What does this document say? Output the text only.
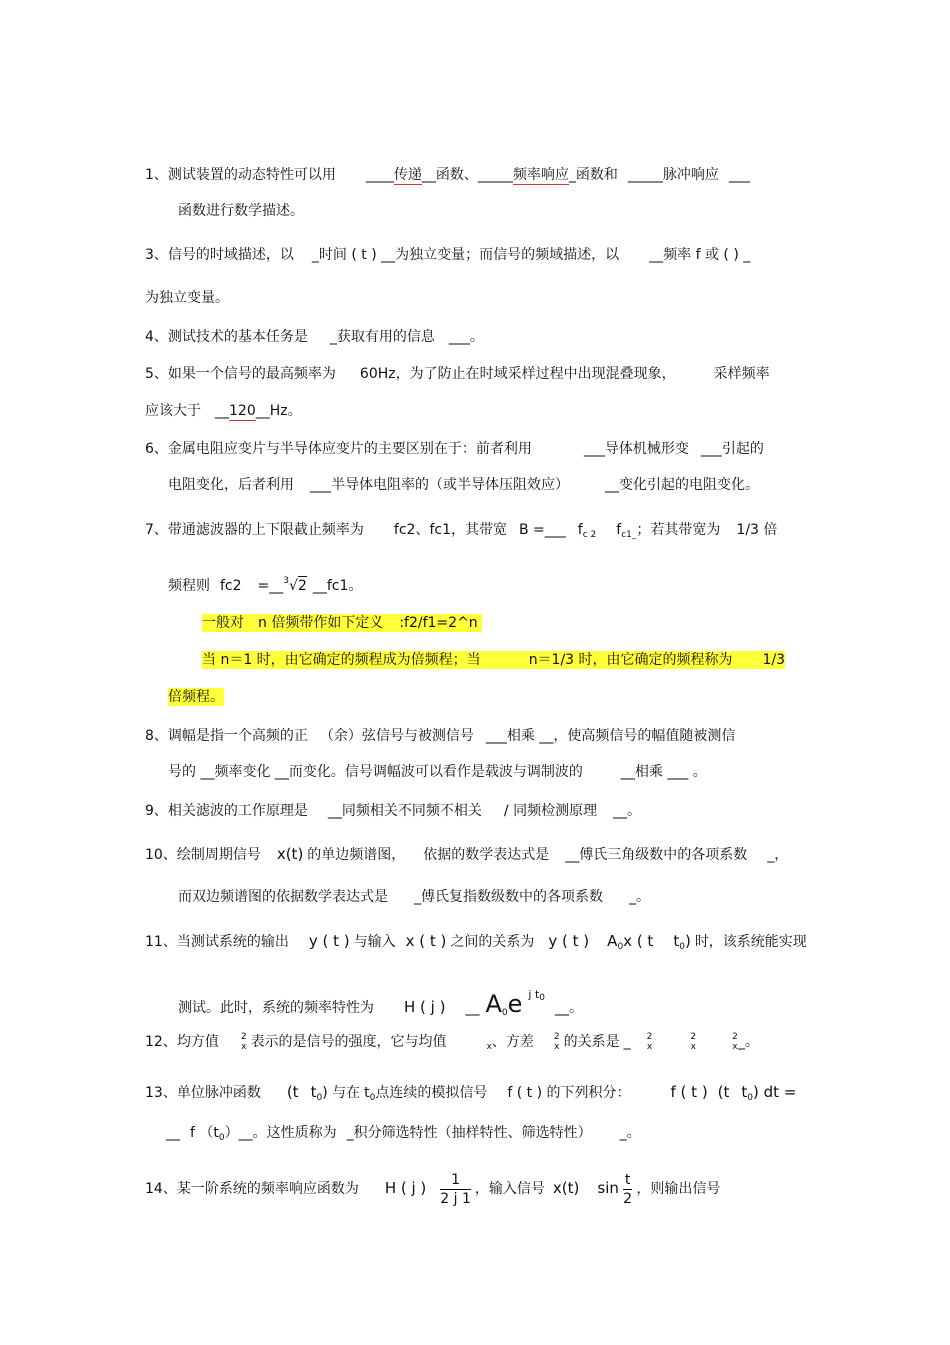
1、测试装置的动态特性可以用 ____传递__函数、_____频率响应_函数和 _____脉冲响应 ___
函数进行数学描述。
3、信号的时域描述，以 _时间 ( t ) __为独立变量；而信号的频域描述，以 __频率 f 或 ( ) _
为独立变量。
4、测试技术的基本任务是 _获取有用的信息 ___。
5、如果一个信号的最高频率为 60Hz，为了防止在时域采样过程中出现混叠现象，	采样频率
应该大于 __120__Hz。
6、金属电阻应变片与半导体应变片的主要区别在于：前者利用	___导体机械形变 ___引起的
电阻变化，后者利用 ___半导体电阻率的（或半导体压阻效应）	__变化引起的电阻变化。
7、带通滤波器的上下限截止频率为 fc2、fc1，其带宽 B =___ fc 2 fc1_；若其带宽为 1/3 倍
频程则 fc2 =__3√2 __fc1。
一般对 n 倍频带作如下定义 :f2/f1=2^n
当 n＝1 时，由它确定的频程成为倍频程；当	n＝1/3 时，由它确定的频程称为 1/3
倍频程。
8、调幅是指一个高频的正 （余）弦信号与被测信号 ___相乘 __，使高频信号的幅值随被测信
号的 __频率变化 __而变化。信号调幅波可以看作是载波与调制波的	__相乘 ___ 。
9、相关滤波的工作原理是 __同频相关不同频不相关 / 同频检测原理 __。
10、绘制周期信号 x(t) 的单边频谱图， 依据的数学表达式是 __傅氏三角级数中的各项系数 _，
而双边频谱图的依据数学表达式是 _傅氏复指数级数中的各项系数 _。
11、当测试系统的输出 y ( t ) 与输入 x ( t ) 之间的关系为 y ( t ) A0x ( t t0) 时，该系统能实现
测试。此时，系统的频率特性为 H ( j ) __ A0e j t0__。
12、均方值 2
x 表示的是信号的强度，它与均值	x、方差 2
x 的关系是 _ 2
x
2
x
2
x _。
13、单位脉冲函数 (t t0) 与在 t0点连续的模拟信号 f ( t ) 的下列积分：	f ( t ) (t t0) dt =
__ f （t0）__。这性质称为 _积分筛选特性（抽样特性、筛选特性） _。
14、某一阶系统的频率响应函数为 H ( j ) $\frac{1}{2 j 1}$ ，输入信号 x(t) $\sin \frac{t}{2}$ ，则输出信号
